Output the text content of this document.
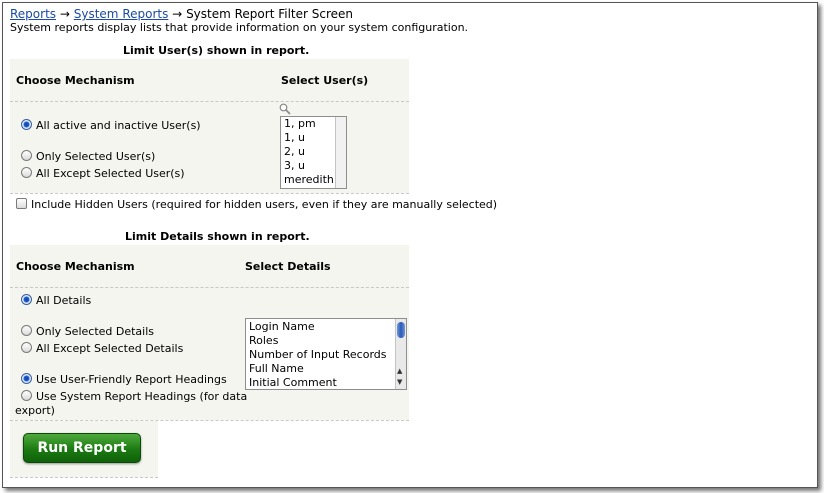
Reports → System Reports → System Report Filter Screen
System reports display lists that provide information on your system configuration.
Limit User(s) shown in report.
Choose Mechanism	Select User(s)
All active and inactive User(s)
Only Selected User(s)
All Except Selected User(s)
1, pm
1, u
2, u
3, u
meredith
Include Hidden Users (required for hidden users, even if they are manually selected)
Limit Details shown in report.
Choose Mechanism	Select Details
All Details
Only Selected Details
All Except Selected Details
Use User-Friendly Report Headings
Use System Report Headings (for data
export)
Login Name
Roles
Number of Input Records
Full Name
Initial Comment
▲
▼
Run Report
